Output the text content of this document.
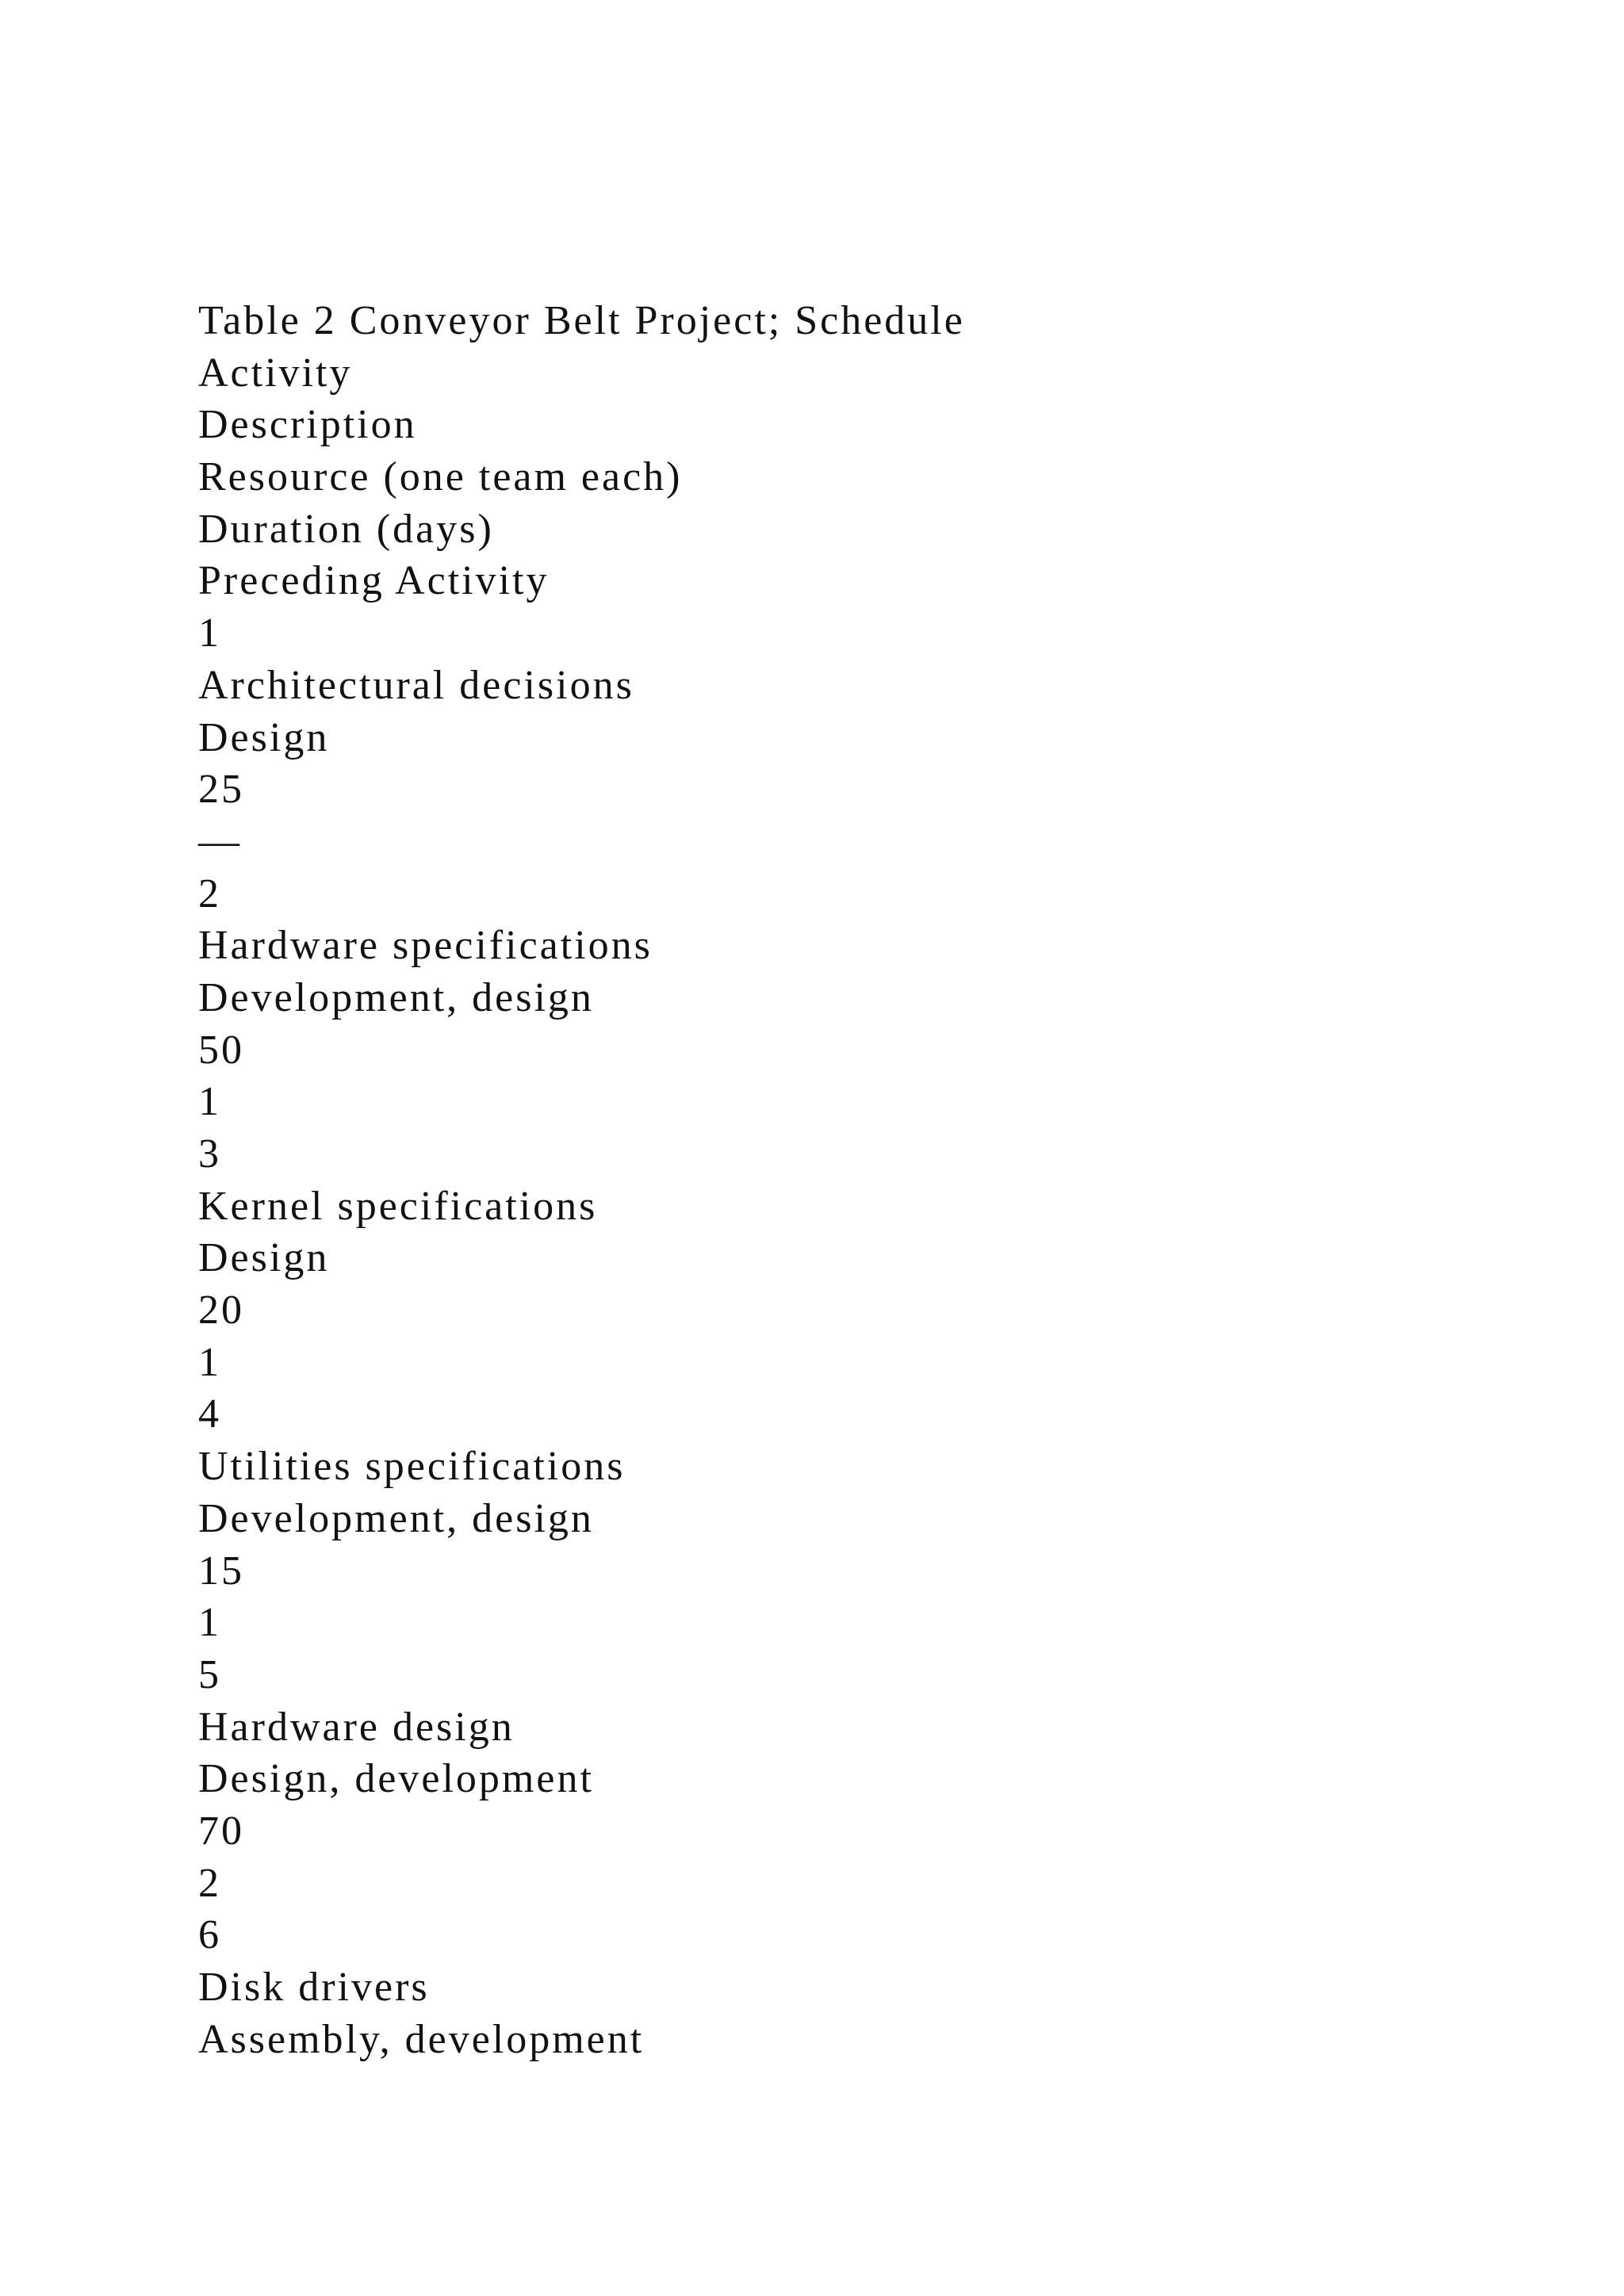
Table 2 Conveyor Belt Project; Schedule
Activity
Description
Resource (one team each)
Duration (days)
Preceding Activity
1
Architectural decisions
Design
25
—
2
Hardware specifications
Development, design
50
1
3
Kernel specifications
Design
20
1
4
Utilities specifications
Development, design
15
1
5
Hardware design
Design, development
70
2
6
Disk drivers
Assembly, development
